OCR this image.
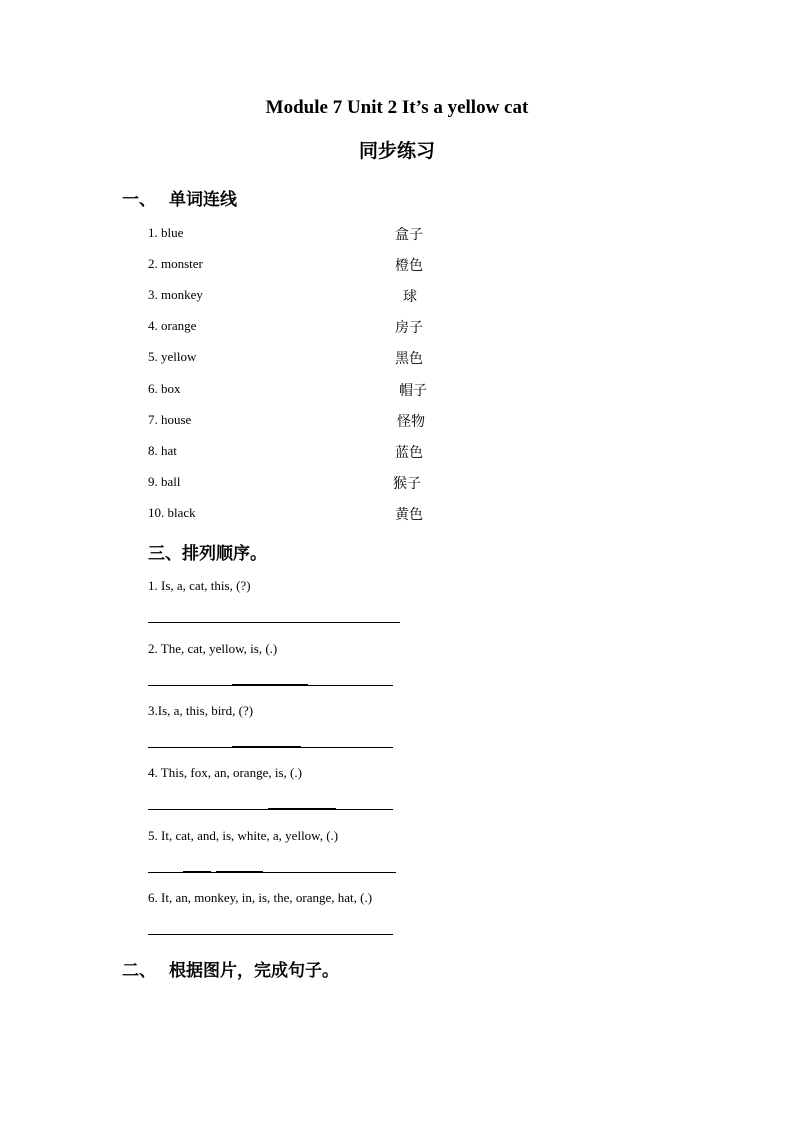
Module 7 Unit 2 It’s a yellow cat
同步练习
一、 单词连线
1. blue
2. monster
3. monkey
4. orange
5. yellow
6. box
7. house
8. hat
9. ball
10. black
盒子
橙色
球
房子
黑色
帽子
怪物
蓝色
猴子
黄色
三、排列顺序。
1. Is, a, cat, this, (?)
2. The, cat, yellow, is, (.)
3.Is, a, this, bird, (?)
4. This, fox, an, orange, is, (.)
5. It, cat, and, is, white, a, yellow, (.)
6. It, an, monkey, in, is, the, orange, hat, (.)
二、 根据图片，完成句子。
